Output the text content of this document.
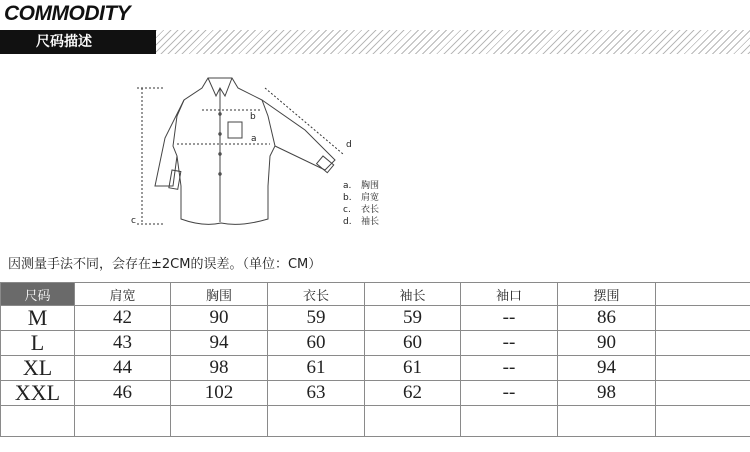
COMMODITY
尺码描述
a
b
c
d
a. 胸围
b. 肩宽
c. 衣长
d. 袖长
因测量手法不同，会存在±2CM的误差。（单位：CM）
尺码	肩宽	胸围	衣长	袖长	袖口	摆围	
M	42	90	59	59	--	86	
L	43	94	60	60	--	90	
XL	44	98	61	61	--	94	
XXL	46	102	63	62	--	98	
